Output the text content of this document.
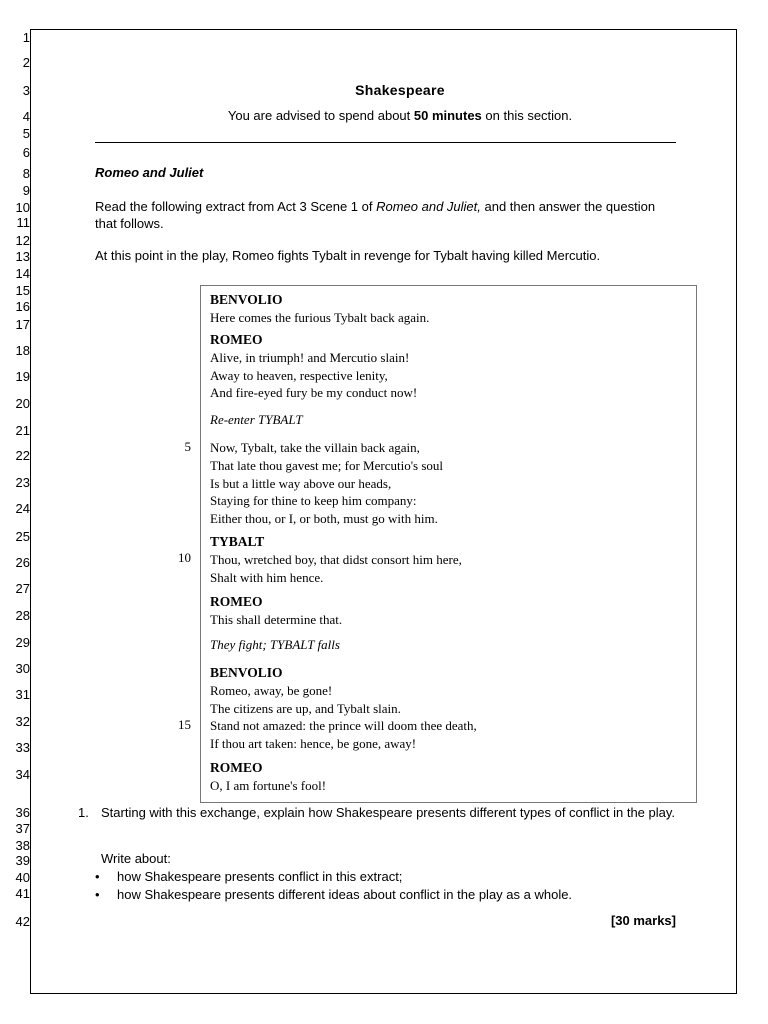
1
2
3
4
5
6
8
9
10
11
12
13
14
15
16
17
18
19
20
21
22
23
24
25
26
27
28
29
30
31
32
33
34
36
37
38
39
40
41
42
Shakespeare
You are advised to spend about 50 minutes on this section.
Romeo and Juliet
Read the following extract from Act 3 Scene 1 of Romeo and Juliet, and then answer the question that follows.
At this point in the play, Romeo fights Tybalt in revenge for Tybalt having killed Mercutio.
BENVOLIO
Here comes the furious Tybalt back again.
ROMEO
Alive, in triumph! and Mercutio slain!
Away to heaven, respective lenity,
And fire-eyed fury be my conduct now!
Re-enter TYBALT
Now, Tybalt, take the villain back again,
That late thou gavest me; for Mercutio's soul
Is but a little way above our heads,
Staying for thine to keep him company:
Either thou, or I, or both, must go with him.
TYBALT
Thou, wretched boy, that didst consort him here,
Shalt with him hence.
ROMEO
This shall determine that.
They fight; TYBALT falls
BENVOLIO
Romeo, away, be gone!
The citizens are up, and Tybalt slain.
Stand not amazed: the prince will doom thee death,
If thou art taken: hence, be gone, away!
ROMEO
O, I am fortune's fool!
5
10
15
1. Starting with this exchange, explain how Shakespeare presents different types of conflict in the play.
Write about:
•	how Shakespeare presents conflict in this extract;
•	how Shakespeare presents different ideas about conflict in the play as a whole.
[30 marks]
